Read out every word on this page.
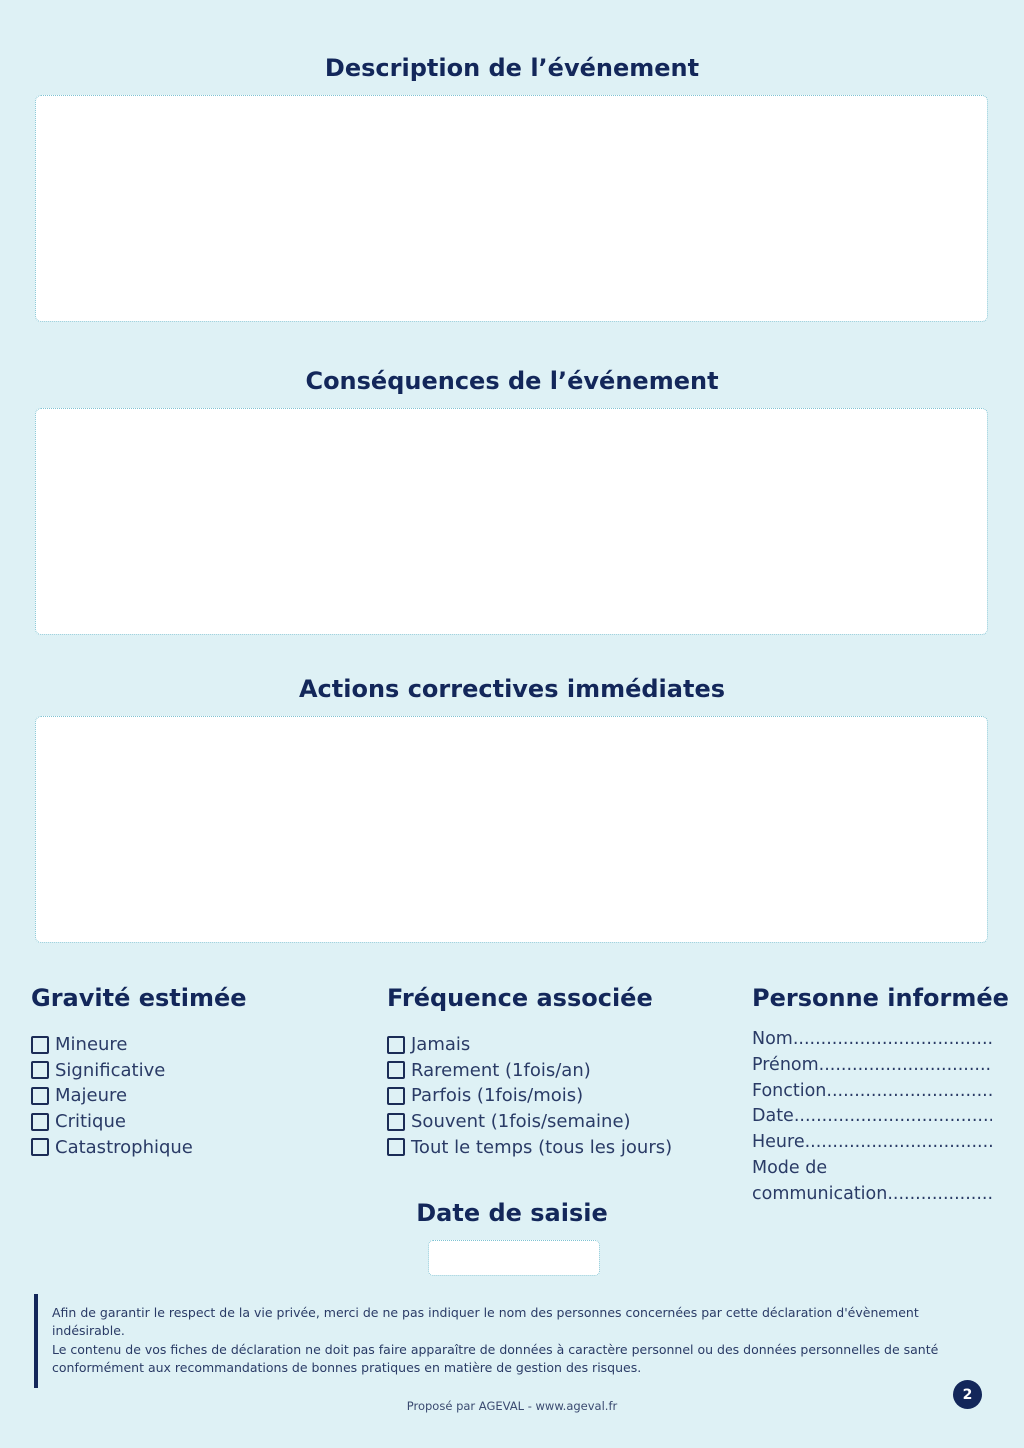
Description de l’événement
Conséquences de l’événement
Actions correctives immédiates
Gravité estimée
Mineure
Significative
Majeure
Critique
Catastrophique
Fréquence associée
Jamais
Rarement (1fois/an)
Parfois (1fois/mois)
Souvent (1fois/semaine)
Tout le temps (tous les jours)
Personne informée
Nom .....
Prénom .....
Fonction .....
Date .....
Heure .....
Mode de
communication .....
Date de saisie

Afin de garantir le respect de la vie privée, merci de ne pas indiquer le nom des personnes concernées par cette déclaration d'évènement indésirable.

Le contenu de vos fiches de déclaration ne doit pas faire apparaître de données à caractère personnel ou des données personnelles de santé conformément aux recommandations de bonnes pratiques en matière de gestion des risques.

Proposé par AGEVAL - www.ageval.fr
2
